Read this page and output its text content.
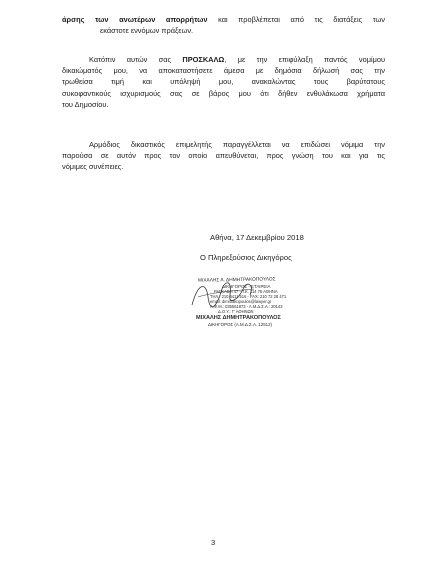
άρσης των ανωτέρων απορρήτων και προβλέπεται από τις διατάξεις των
εκάστοτε εννόμων πράξεων.

Κατόπιν αυτών σας ΠΡΟΣΚΑΛΩ, με την επιφύλαξη παντός νομίμου
δικαιώματός μου, να αποκαταστήσετε άμεσα με δημόσια δήλωσή σας την
τρωθείσα τιμή και υπόληψή μου, ανακαλώντας τους βαρύτατους
συκοφαντικούς ισχυρισμούς σας σε βάρος μου ότι δήθεν ενθυλάκωσα χρήματα
του Δημοσίου.

Αρμόδιος δικαστικός επιμελητής παραγγέλλεται να επιδώσει νόμιμα την
παρούσα σε αυτόν προς τον οποίο απευθύνεται, προς γνώση του και για τις
νόμιμες συνέπειες.

Αθήνα, 17 Δεκεμβρίου 2018
Ο Πληρεξούσιος Δικηγόρος
ΜΙΧΑΛΗΣ Α. ΔΗΜΗΤΡΑΚΟΠΟΥΛΟΣ
ΔΙΚΗΓΟΡΟΣ - ΕΤΑΙΡΕΙΑ
ΡΑΓΚΑΒΗ 47 - Τ.Κ. 114 75 ΑΘΗΝΑ
ΤΗΛ.: 210 6411 516 - FAX: 210 72 28 471
email: dimitrakopoulos@lawyer.gr
Α.Φ.Μ.: 035561873 - Α.Μ.Δ.Σ.Α.: 20143
Δ.Ο.Υ.: Γ' ΑΘΗΝΩΝ
ΜΙΧΑΛΗΣ ΔΗΜΗΤΡΑΚΟΠΟΥΛΟΣ
ΔΙΚΗΓΟΡΟΣ (Α.Μ.Δ.Σ.Α. 12512)
3
